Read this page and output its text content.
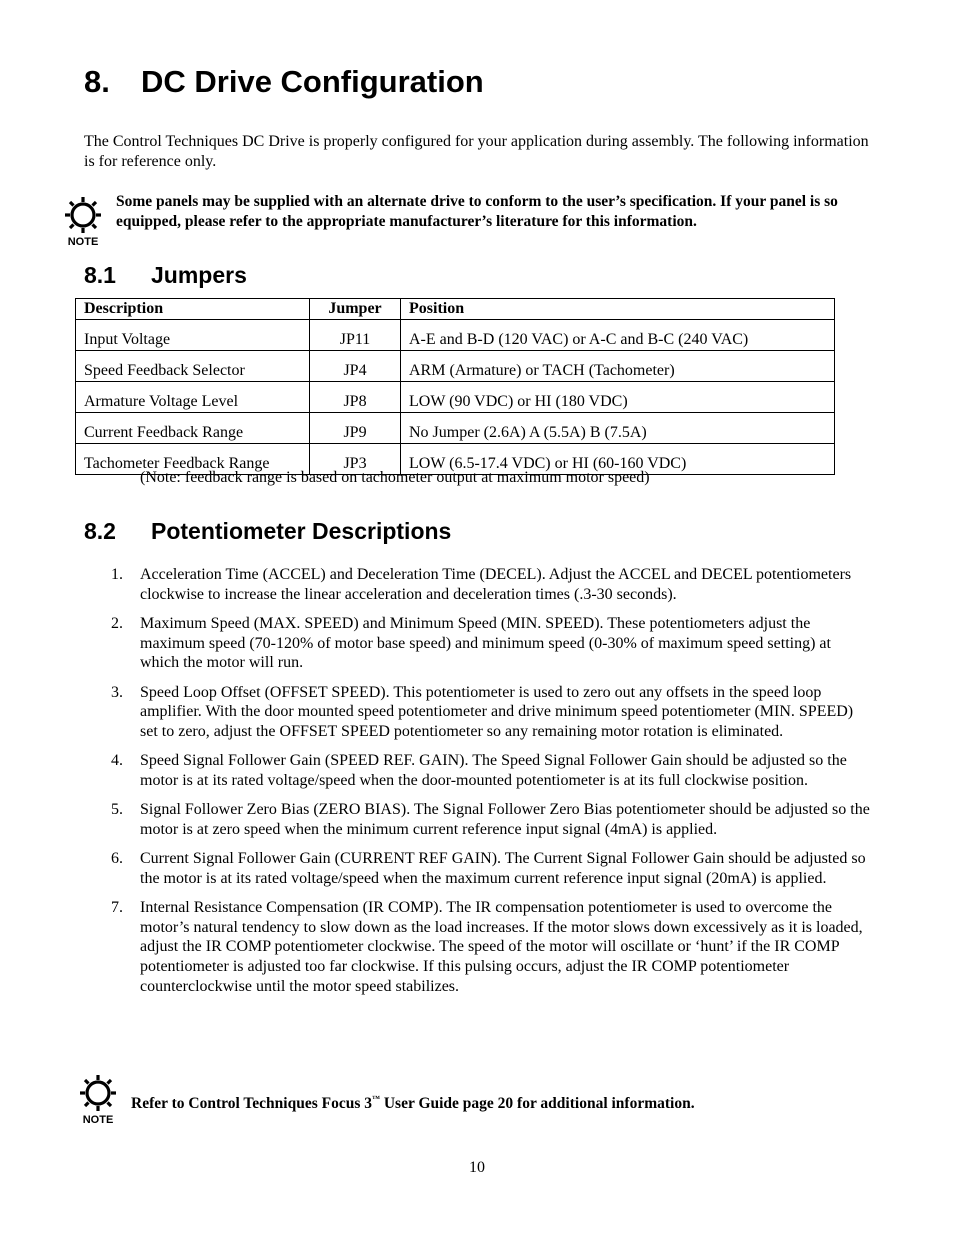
8. DC Drive Configuration
The Control Techniques DC Drive is properly configured for your application during assembly. The following information is for reference only.
NOTE
Some panels may be supplied with an alternate drive to conform to the user’s specification. If your panel is so equipped, please refer to the appropriate manufacturer’s literature for this information.
8.1 Jumpers
Description	Jumper	Position
Input Voltage	JP11	A-E and B-D (120 VAC) or A-C and B-C (240 VAC)
Speed Feedback Selector	JP4	ARM (Armature) or TACH (Tachometer)
Armature Voltage Level	JP8	LOW (90 VDC) or HI (180 VDC)
Current Feedback Range	JP9	No Jumper (2.6A) A (5.5A) B (7.5A)
Tachometer Feedback Range	JP3	LOW (6.5-17.4 VDC) or HI (60-160 VDC)
(Note: feedback range is based on tachometer output at maximum motor speed)
8.2 Potentiometer Descriptions
1. Acceleration Time (ACCEL) and Deceleration Time (DECEL). Adjust the ACCEL and DECEL potentiometers clockwise to increase the linear acceleration and deceleration times (.3-30 seconds).
2. Maximum Speed (MAX. SPEED) and Minimum Speed (MIN. SPEED). These potentiometers adjust the maximum speed (70-120% of motor base speed) and minimum speed (0-30% of maximum speed setting) at which the motor will run.
3. Speed Loop Offset (OFFSET SPEED). This potentiometer is used to zero out any offsets in the speed loop amplifier. With the door mounted speed potentiometer and drive minimum speed potentiometer (MIN. SPEED) set to zero, adjust the OFFSET SPEED potentiometer so any remaining motor rotation is eliminated.
4. Speed Signal Follower Gain (SPEED REF. GAIN). The Speed Signal Follower Gain should be adjusted so the motor is at its rated voltage/speed when the door-mounted potentiometer is at its full clockwise position.
5. Signal Follower Zero Bias (ZERO BIAS). The Signal Follower Zero Bias potentiometer should be adjusted so the motor is at zero speed when the minimum current reference input signal (4mA) is applied.
6. Current Signal Follower Gain (CURRENT REF GAIN). The Current Signal Follower Gain should be adjusted so the motor is at its rated voltage/speed when the maximum current reference input signal (20mA) is applied.
7. Internal Resistance Compensation (IR COMP). The IR compensation potentiometer is used to overcome the motor’s natural tendency to slow down as the load increases. If the motor slows down excessively as it is loaded, adjust the IR COMP potentiometer clockwise. The speed of the motor will oscillate or ‘hunt’ if the IR COMP potentiometer is adjusted too far clockwise. If this pulsing occurs, adjust the IR COMP potentiometer counterclockwise until the motor speed stabilizes.
NOTE
Refer to Control Techniques Focus 3™ User Guide page 20 for additional information.
10
